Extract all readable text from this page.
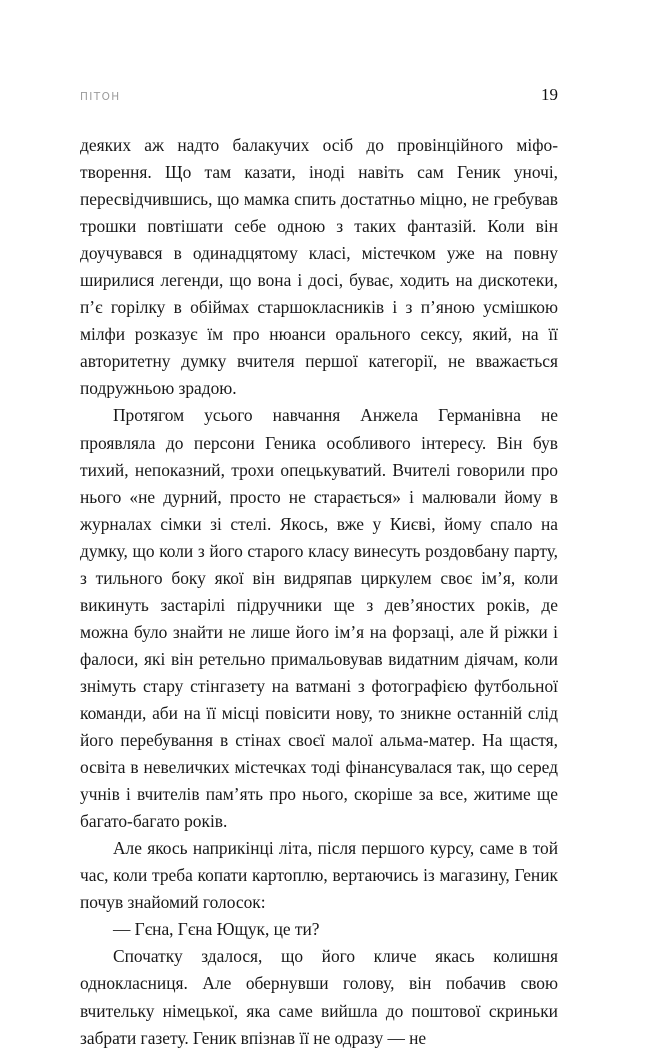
ПІТОН	19

деяких аж надто балакучих осіб до провінційного міфотворення. Що там казати, іноді навіть сам Геник уночі, пересвідчившись, що мамка спить достатньо міцно, не гребував трошки повтішати себе одною з таких фантазій. Коли він доучувався в одинадцятому класі, містечком уже на повну ширилися легенди, що вона і досі, буває, ходить на дискотеки, п’є горілку в обіймах старшокласників і з п’яною усмішкою мілфи розказує їм про нюанси орального сексу, який, на її авторитетну думку вчителя першої категорії, не вважається подружньою зрадою.

Протягом усього навчання Анжела Германівна не проявляла до персони Геника особливого інтересу. Він був тихий, непоказний, трохи опецькуватий. Вчителі говорили про нього «не дурний, просто не старається» і малювали йому в журналах сімки зі стелі. Якось, вже у Києві, йому спало на думку, що коли з його старого класу винесуть роздовбану парту, з тильного боку якої він видряпав циркулем своє ім’я, коли викинуть застарілі підручники ще з дев’яностих років, де можна було знайти не лише його ім’я на форзаці, але й ріжки і фалоси, які він ретельно примальовував видатним діячам, коли знімуть стару стінгазету на ватмані з фотографією футбольної команди, аби на її місці повісити нову, то зникне останній слід його перебування в стінах своєї малої альма-матер. На щастя, освіта в невеличких містечках тоді фінансувалася так, що серед учнів і вчителів пам’ять про нього, скоріше за все, житиме ще багато-багато років.

Але якось наприкінці літа, після першого курсу, саме в той час, коли треба копати картоплю, вертаючись із магазину, Геник почув знайомий голосок:

— Гєна, Гєна Ющук, це ти?

Спочатку здалося, що його кличе якась колишня однокласниця. Але обернувши голову, він побачив свою вчительку німецької, яка саме вийшла до поштової скриньки забрати газету. Геник впізнав її не одразу — не
